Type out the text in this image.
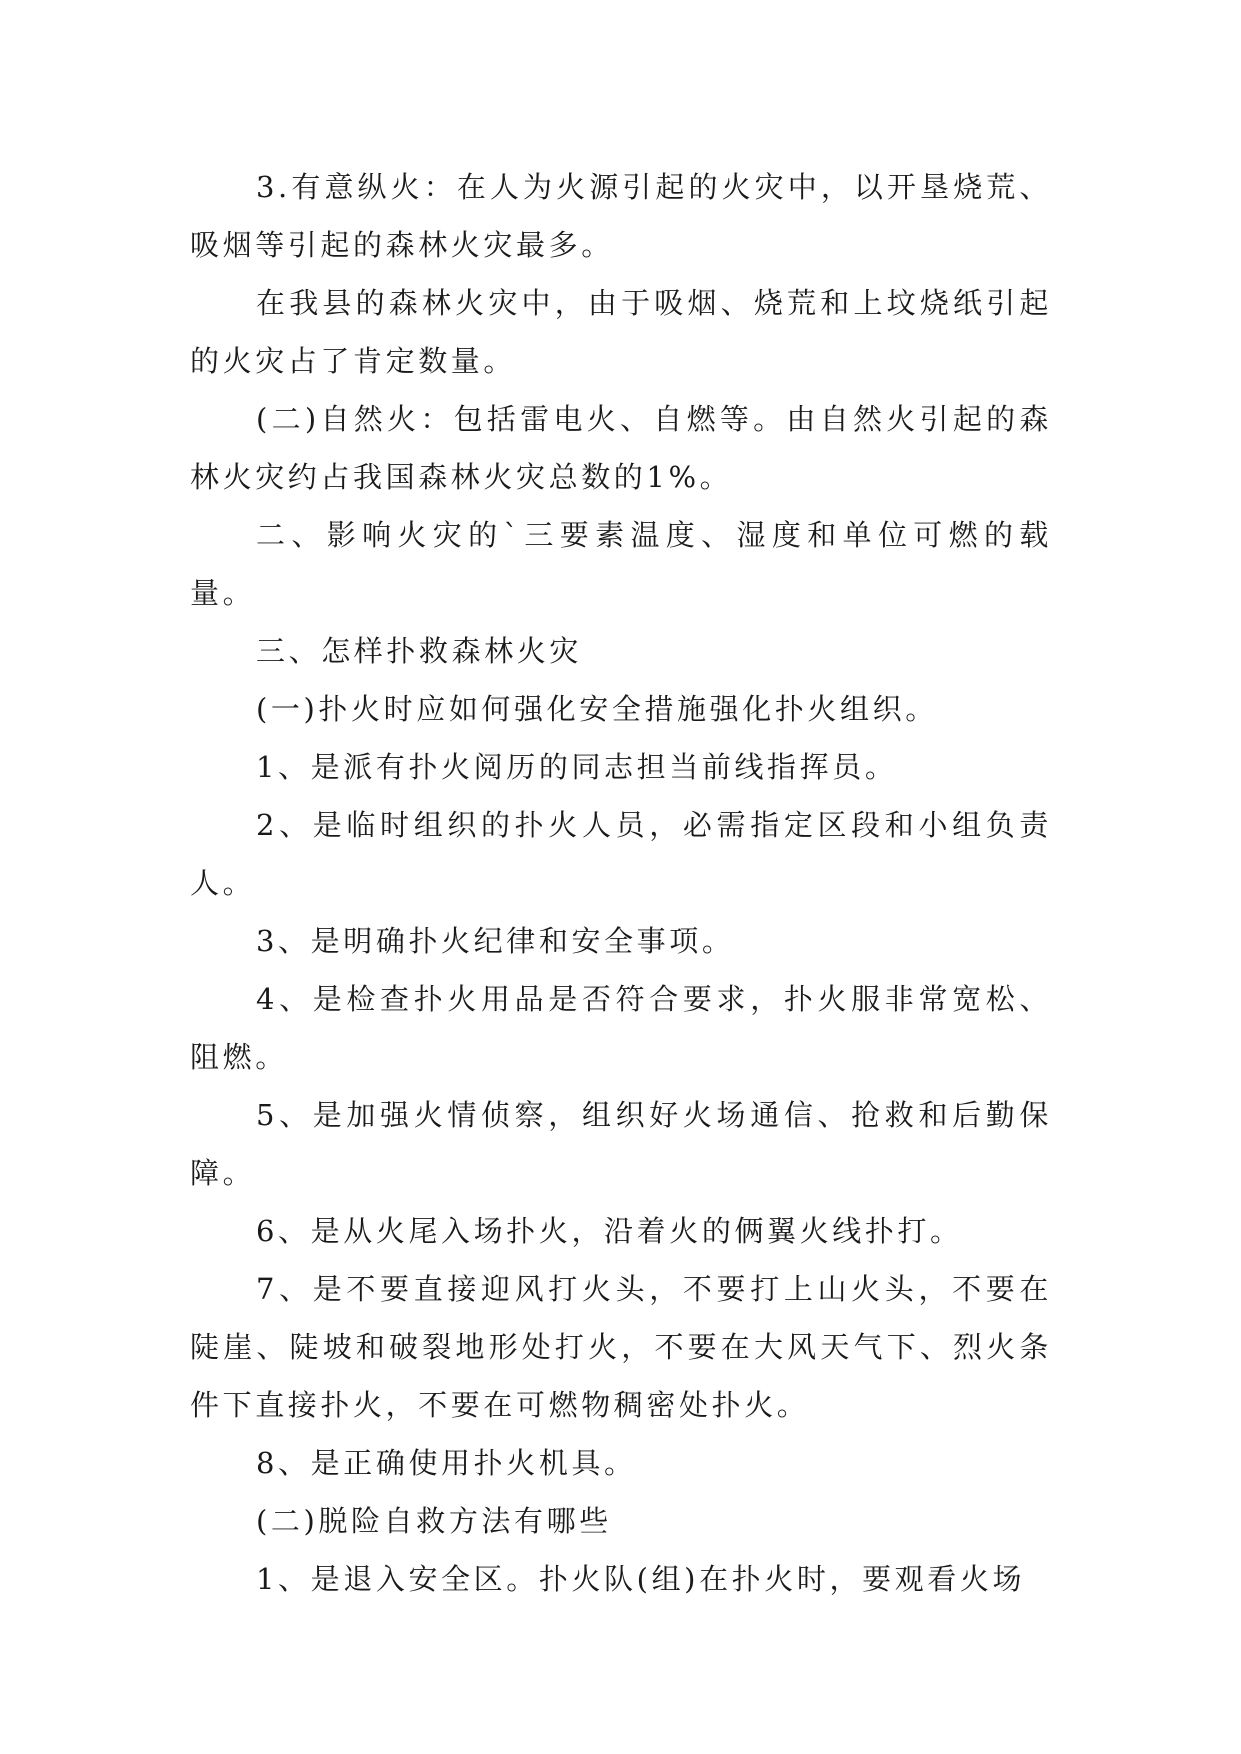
3.有意纵火：在人为火源引起的火灾中，以开垦烧荒、吸烟等引起的森林火灾最多。

在我县的森林火灾中，由于吸烟、烧荒和上坟烧纸引起的火灾占了肯定数量。

(二)自然火：包括雷电火、自燃等。由自然火引起的森林火灾约占我国森林火灾总数的1%。

二、影响火灾的`三要素温度、湿度和单位可燃的载量。

三、怎样扑救森林火灾

(一)扑火时应如何强化安全措施强化扑火组织。

1、是派有扑火阅历的同志担当前线指挥员。

2、是临时组织的扑火人员，必需指定区段和小组负责人。

3、是明确扑火纪律和安全事项。

4、是检查扑火用品是否符合要求，扑火服非常宽松、阻燃。

5、是加强火情侦察，组织好火场通信、抢救和后勤保障。

6、是从火尾入场扑火，沿着火的俩翼火线扑打。

7、是不要直接迎风打火头，不要打上山火头，不要在陡崖、陡坡和破裂地形处打火，不要在大风天气下、烈火条件下直接扑火，不要在可燃物稠密处扑火。

8、是正确使用扑火机具。

(二)脱险自救方法有哪些

1、是退入安全区。扑火队(组)在扑火时，要观看火场
